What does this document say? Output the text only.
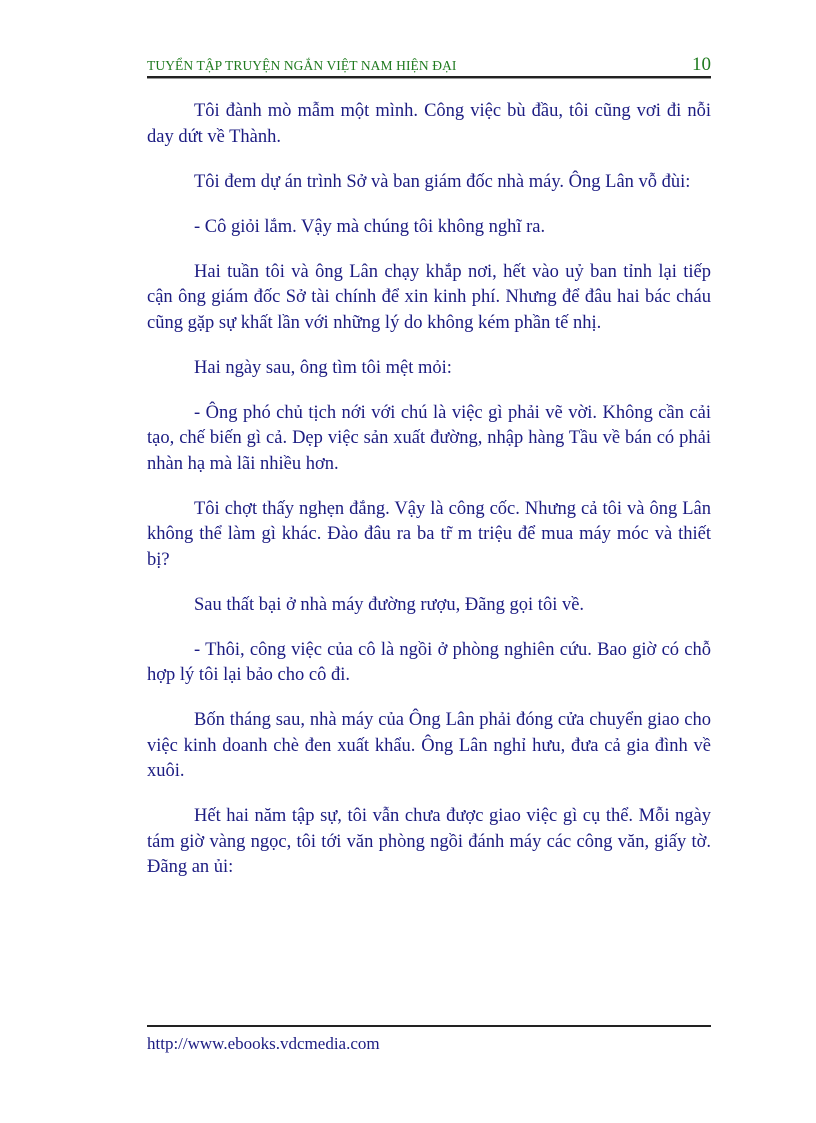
TUYỂN TẬP TRUYỆN NGẮN VIỆT NAM HIỆN ĐẠI	10

Tôi đành mò mẫm một mình. Công việc bù đầu, tôi cũng vơi đi nỗi day dứt về Thành.

Tôi đem dự án trình Sở và ban giám đốc nhà máy. Ông Lân vỗ đùi:

- Cô giỏi lắm. Vậy mà chúng tôi không nghĩ ra.

Hai tuần tôi và ông Lân chạy khắp nơi, hết vào uỷ ban tỉnh lại tiếp cận ông giám đốc Sở tài chính để xin kinh phí. Nhưng để đâu hai bác cháu cũng gặp sự khất lần với những lý do không kém phần tế nhị.

Hai ngày sau, ông tìm tôi mệt mỏi:

- Ông phó chủ tịch nới với chú là việc gì phải vẽ vời. Không cần cải tạo, chế biến gì cả. Dẹp việc sản xuất đường, nhập hàng Tầu về bán có phải nhàn hạ mà lãi nhiều hơn.

Tôi chợt thấy nghẹn đắng. Vậy là công cốc. Nhưng cả tôi và ông Lân không thể làm gì khác. Đào đâu ra ba tr̃ m triệu để mua máy móc và thiết bị?

Sau thất bại ở nhà máy đường rượu, Đãng gọi tôi về.

- Thôi, công việc của cô là ngồi ở phòng nghiên cứu. Bao giờ có chỗ hợp lý tôi lại bảo cho cô đi.

Bốn tháng sau, nhà máy của Ông Lân phải đóng cửa chuyển giao cho việc kinh doanh chè đen xuất khẩu. Ông Lân nghỉ hưu, đưa cả gia đình về xuôi.

Hết hai năm tập sự, tôi vẫn chưa được giao việc gì cụ thể. Mỗi ngày tám giờ vàng ngọc, tôi tới văn phòng ngồi đánh máy các công văn, giấy tờ. Đãng an ủi:

http://www.ebooks.vdcmedia.com
